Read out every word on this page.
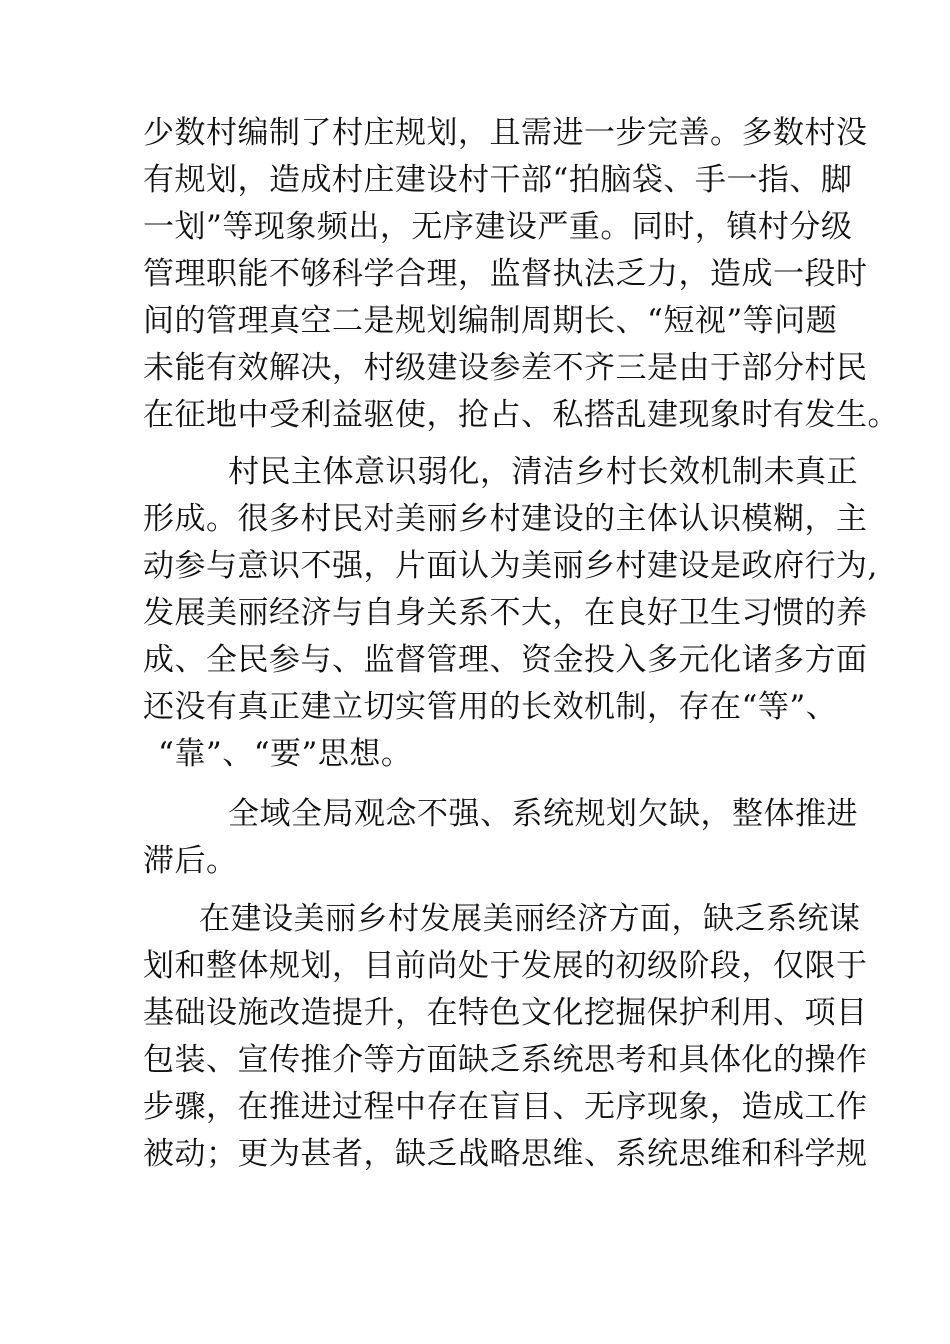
少数村编制了村庄规划，且需进一步完善。多数村没
有规划，造成村庄建设村干部“拍脑袋、手一指、脚
一划”等现象频出，无序建设严重。同时，镇村分级
管理职能不够科学合理，监督执法乏力，造成一段时
间的管理真空二是规划编制周期长、“短视”等问题
未能有效解决，村级建设参差不齐三是由于部分村民
在征地中受利益驱使，抢占、私搭乱建现象时有发生。
村民主体意识弱化，清洁乡村长效机制未真正
形成。很多村民对美丽乡村建设的主体认识模糊，主
动参与意识不强，片面认为美丽乡村建设是政府行为,
发展美丽经济与自身关系不大，在良好卫生习惯的养
成、全民参与、监督管理、资金投入多元化诸多方面
还没有真正建立切实管用的长效机制，存在“等”、
“靠”、“要”思想。
全域全局观念不强、系统规划欠缺，整体推进
滞后。
在建设美丽乡村发展美丽经济方面，缺乏系统谋
划和整体规划，目前尚处于发展的初级阶段，仅限于
基础设施改造提升，在特色文化挖掘保护利用、项目
包装、宣传推介等方面缺乏系统思考和具体化的操作
步骤，在推进过程中存在盲目、无序现象，造成工作
被动；更为甚者，缺乏战略思维、系统思维和科学规
